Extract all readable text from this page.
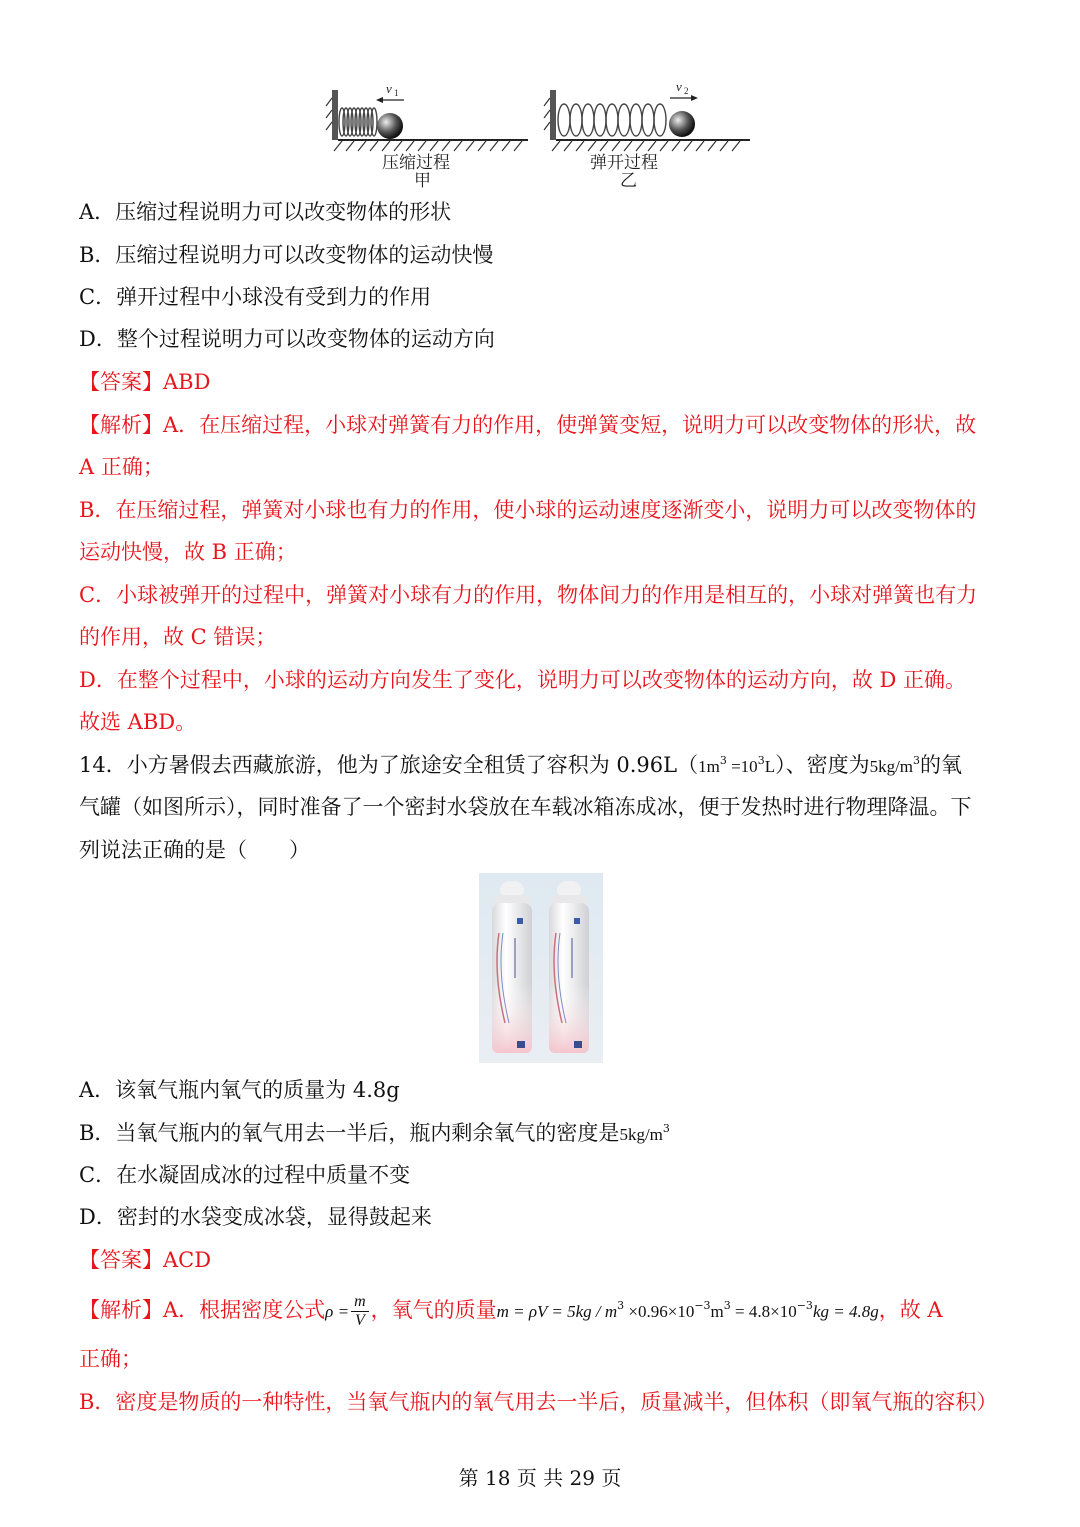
v 1	v 2
压缩过程
甲
弹开过程
乙
A．压缩过程说明力可以改变物体的形状
B．压缩过程说明力可以改变物体的运动快慢
C．弹开过程中小球没有受到力的作用
D．整个过程说明力可以改变物体的运动方向
【答案】ABD
【解析】A．在压缩过程，小球对弹簧有力的作用，使弹簧变短，说明力可以改变物体的形状，故
A 正确；
B．在压缩过程，弹簧对小球也有力的作用，使小球的运动速度逐渐变小，说明力可以改变物体的
运动快慢，故 B 正确；
C．小球被弹开的过程中，弹簧对小球有力的作用，物体间力的作用是相互的，小球对弹簧也有力
的作用，故 C 错误；
D．在整个过程中，小球的运动方向发生了变化，说明力可以改变物体的运动方向，故 D 正确。
故选 ABD。
14．小方暑假去西藏旅游，他为了旅途安全租赁了容积为 $0.96L(1m^3 =10^3L)$、密度为$5kg/m^3$的氧
气罐（如图所示），同时准备了一个密封水袋放在车载冰箱冻成冰，便于发热时进行物理降温。下
列说法正确的是（　　）
A．该氧气瓶内氧气的质量为 4.8g
B．当氧气瓶内的氧气用去一半后，瓶内剩余氧气的密度是$5kg/m^3$
C．在水凝固成冰的过程中质量不变
D．密封的水袋变成冰袋，显得鼓起来
【答案】ACD
【解析】A．根据密度公式$\rho = \frac{m}{V}$ ，氧气的质量$m = \rho V = 5kg / m^3 \times 0.96\times 10^{-3}m^3 = 4.8\times 10^{-3}kg = 4.8g$，故 A
正确；
B．密度是物质的一种特性，当氧气瓶内的氧气用去一半后，质量减半，但体积（即氧气瓶的容积）
第 18 页 共 29 页
